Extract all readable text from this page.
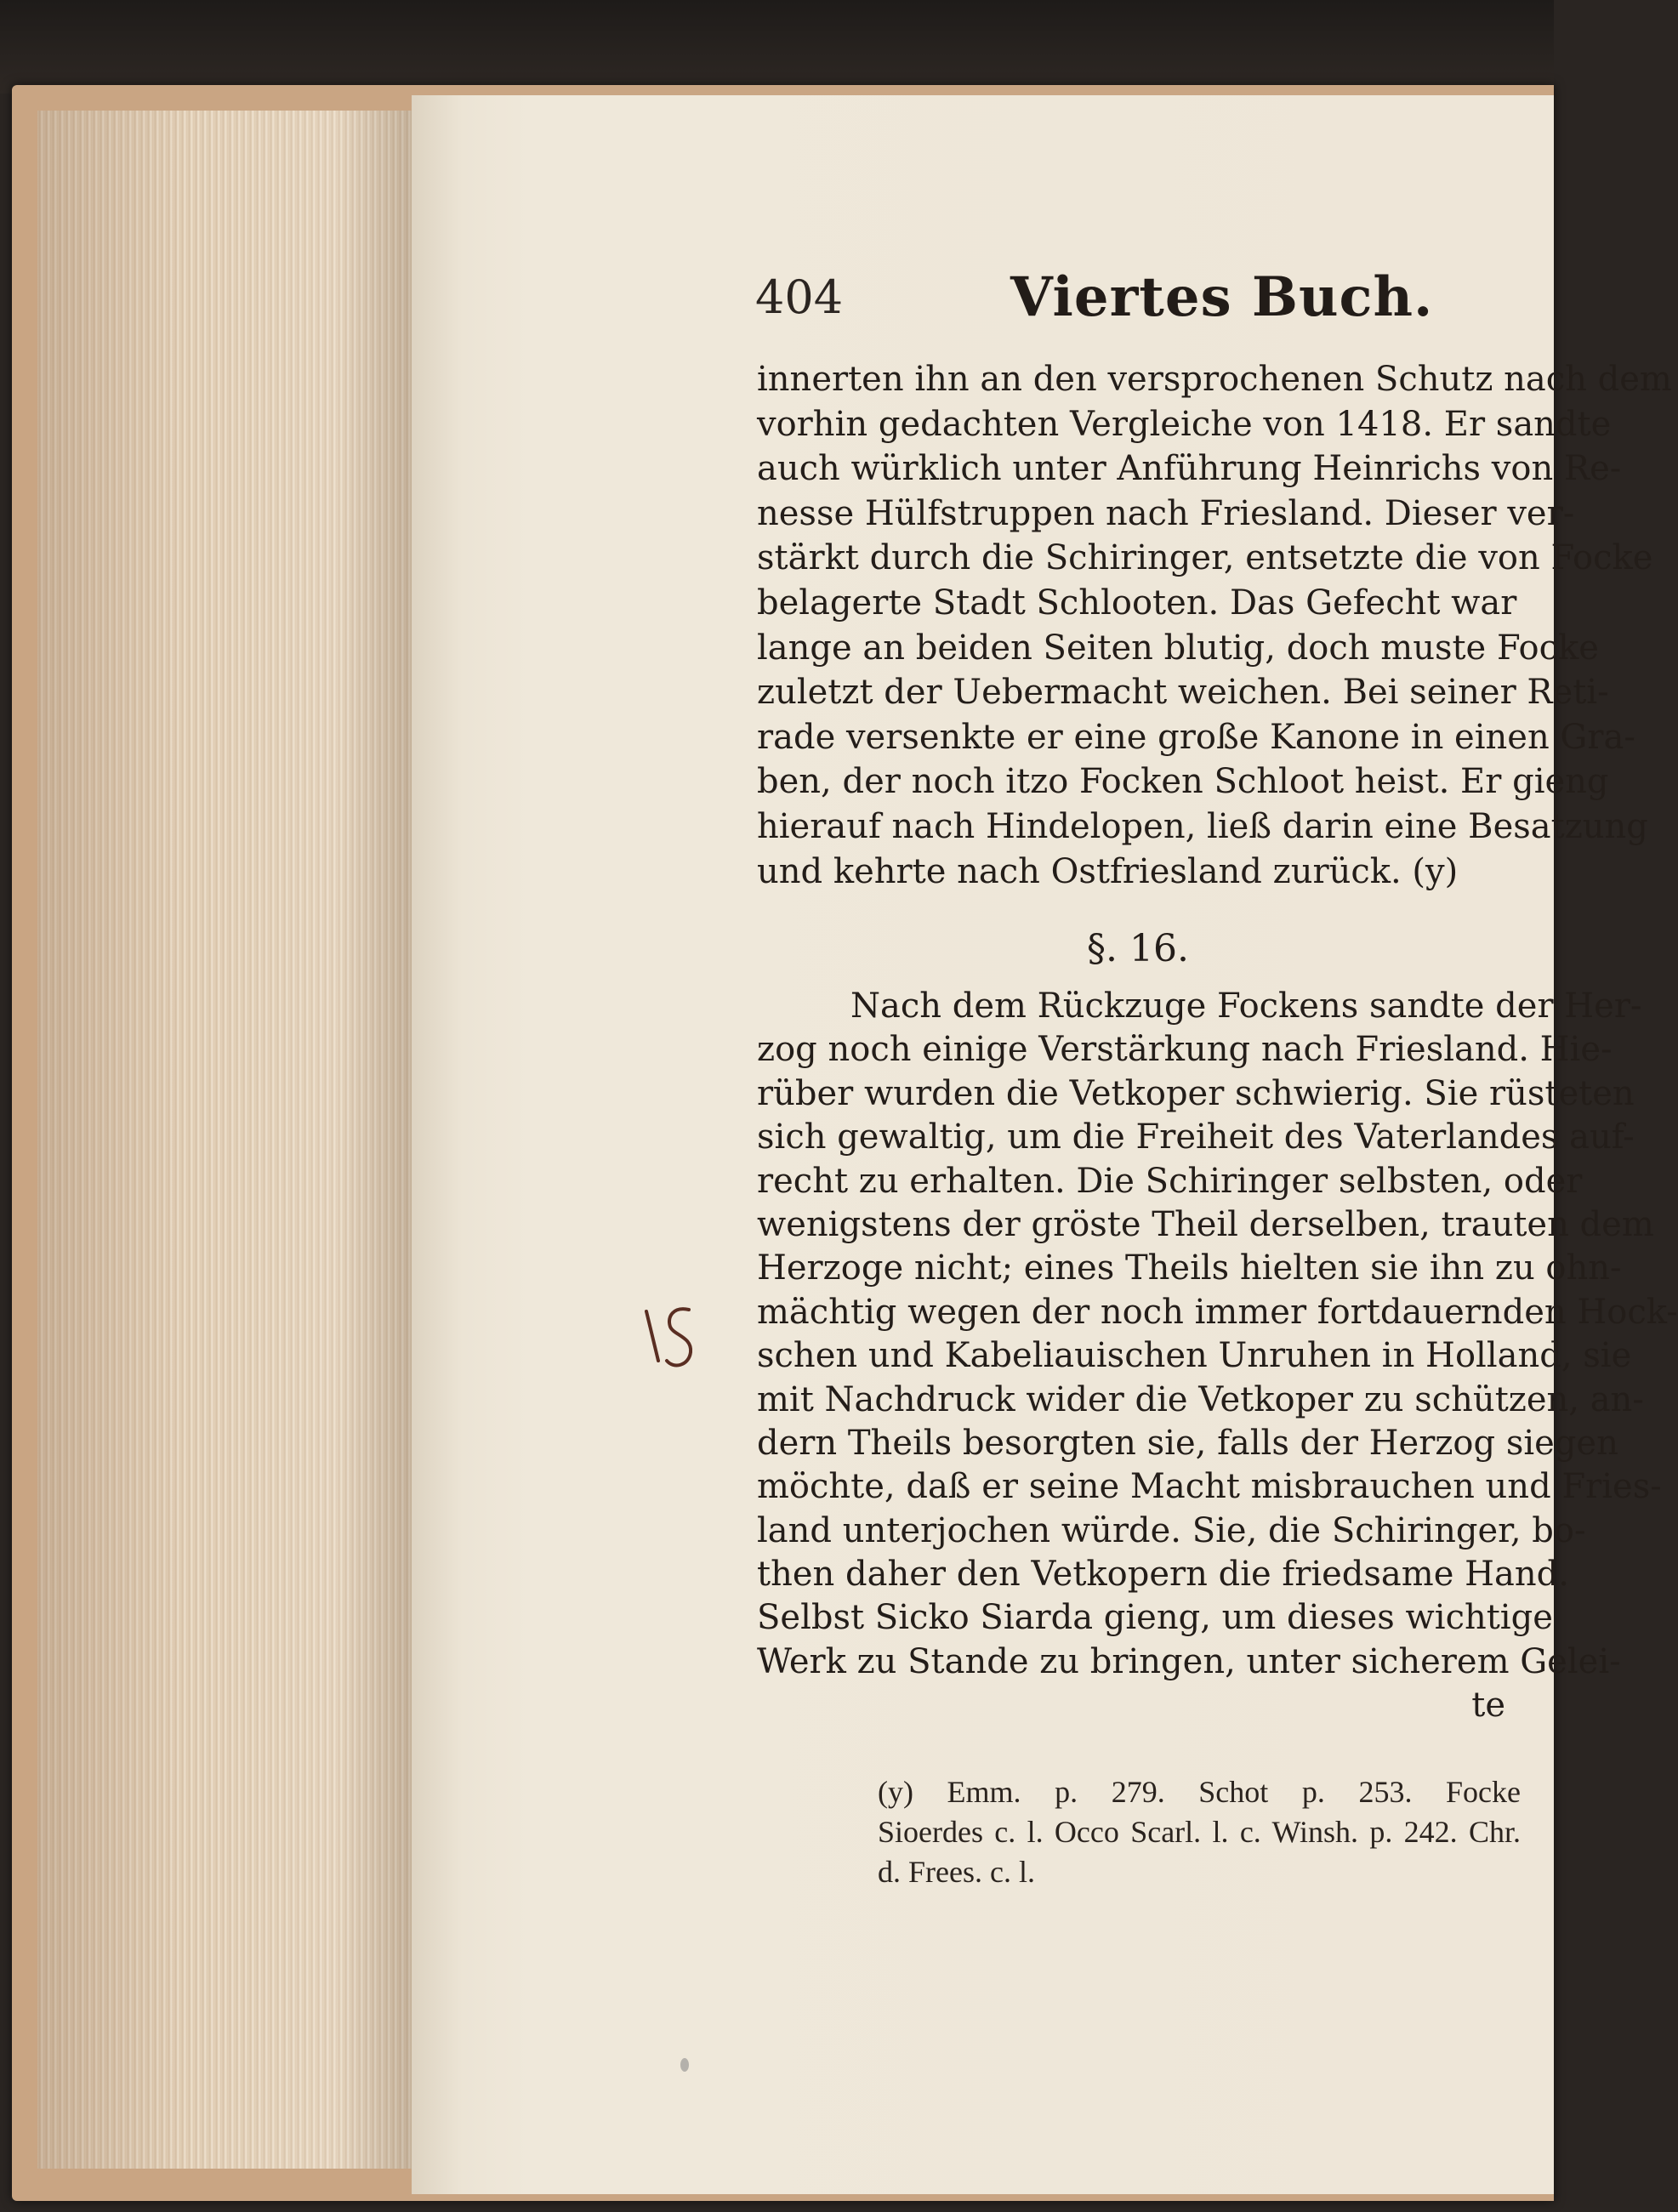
404	Viertes Buch.
innerten ihn an den versprochenen Schutz nach dem
vorhin gedachten Vergleiche von 1418. Er sandte
auch würklich unter Anführung Heinrichs von Re-
nesse Hülfstruppen nach Friesland. Dieser ver-
stärkt durch die Schiringer, entsetzte die von Focke
belagerte Stadt Schlooten. Das Gefecht war
lange an beiden Seiten blutig, doch muste Focke
zuletzt der Uebermacht weichen. Bei seiner Reti-
rade versenkte er eine große Kanone in einen Gra-
ben, der noch itzo Focken Schloot heist. Er gieng
hierauf nach Hindelopen, ließ darin eine Besatzung
und kehrte nach Ostfriesland zurück. (y)
§. 16.
Nach dem Rückzuge Fockens sandte der Her-
zog noch einige Verstärkung nach Friesland. Hie-
rüber wurden die Vetkoper schwierig. Sie rüsteten
sich gewaltig, um die Freiheit des Vaterlandes auf-
recht zu erhalten. Die Schiringer selbsten, oder
wenigstens der gröste Theil derselben, trauten dem
Herzoge nicht; eines Theils hielten sie ihn zu ohn-
mächtig wegen der noch immer fortdauernden Hock-
schen und Kabeliauischen Unruhen in Holland, sie
mit Nachdruck wider die Vetkoper zu schützen, an-
dern Theils besorgten sie, falls der Herzog siegen
möchte, daß er seine Macht misbrauchen und Fries-
land unterjochen würde. Sie, die Schiringer, bo-
then daher den Vetkopern die friedsame Hand.
Selbst Sicko Siarda gieng, um dieses wichtige
Werk zu Stande zu bringen, unter sicherem Gelei-
te
(y) Emm. p. 279. Schot p. 253. Focke
Sioerdes c. l. Occo Scarl. l. c. Winsh. p. 242. Chr.
d. Frees. c. l.
